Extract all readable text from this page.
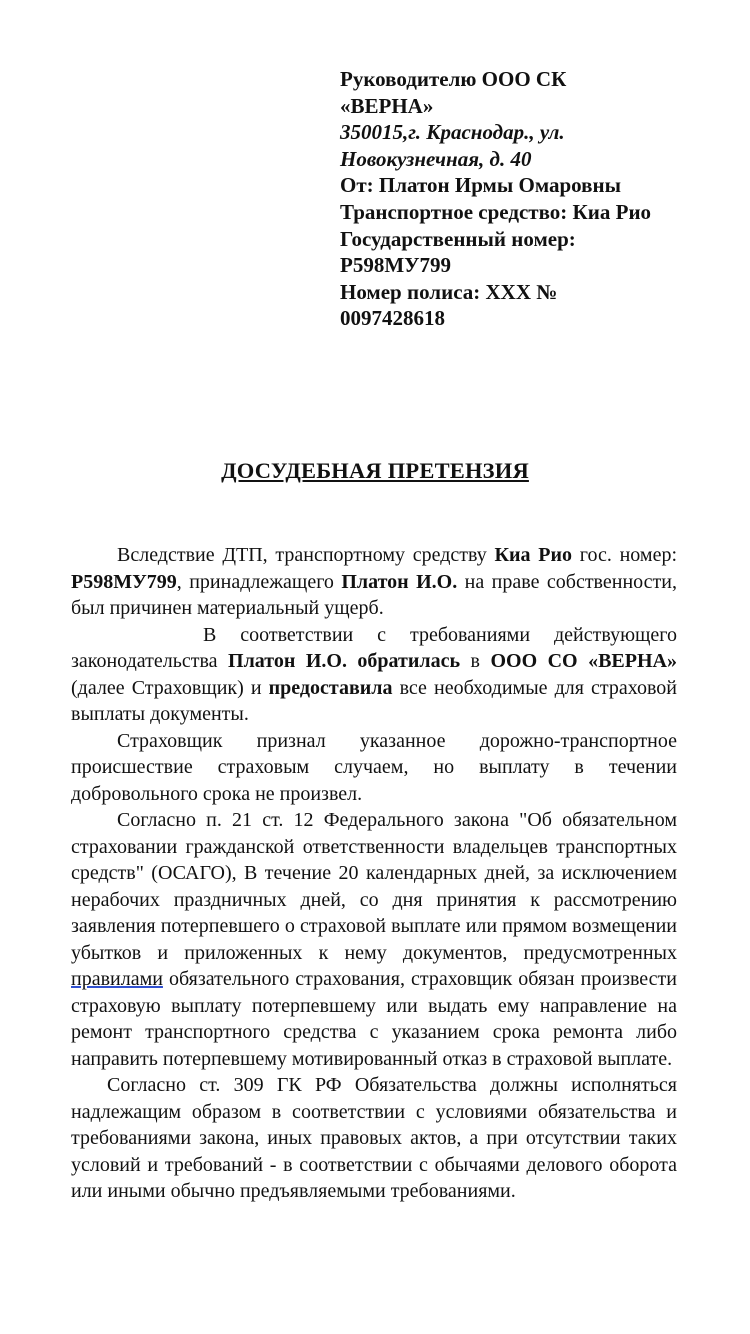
Руководителю ООО СК
«ВЕРНА»
350015,г. Краснодар., ул.
Новокузнечная, д. 40
От: Платон Ирмы Омаровны
Транспортное средство: Киа Рио
Государственный номер:
Р598МУ799
Номер полиса: ХХХ №
0097428618
ДОСУДЕБНАЯ ПРЕТЕНЗИЯ

Вследствие ДТП, транспортному средству Киа Рио гос. номер: Р598МУ799, принадлежащего Платон И.О. на праве собственности, был причинен материальный ущерб.

В соответствии с требованиями действующего законодательства Платон И.О. обратилась в ООО СО «ВЕРНА» (далее Страховщик) и предоставила все необходимые для страховой выплаты документы.

Страховщик признал указанное дорожно-транспортное происшествие страховым случаем, но выплату в течении добровольного срока не произвел.

Согласно п. 21 ст. 12 Федерального закона "Об обязательном страховании гражданской ответственности владельцев транспортных средств" (ОСАГО), В течение 20 календарных дней, за исключением нерабочих праздничных дней, со дня принятия к рассмотрению заявления потерпевшего о страховой выплате или прямом возмещении убытков и приложенных к нему документов, предусмотренных правилами обязательного страхования, страховщик обязан произвести страховую выплату потерпевшему или выдать ему направление на ремонт транспортного средства с указанием срока ремонта либо направить потерпевшему мотивированный отказ в страховой выплате.

Согласно ст. 309 ГК РФ Обязательства должны исполняться надлежащим образом в соответствии с условиями обязательства и требованиями закона, иных правовых актов, а при отсутствии таких условий и требований - в соответствии с обычаями делового оборота или иными обычно предъявляемыми требованиями.
